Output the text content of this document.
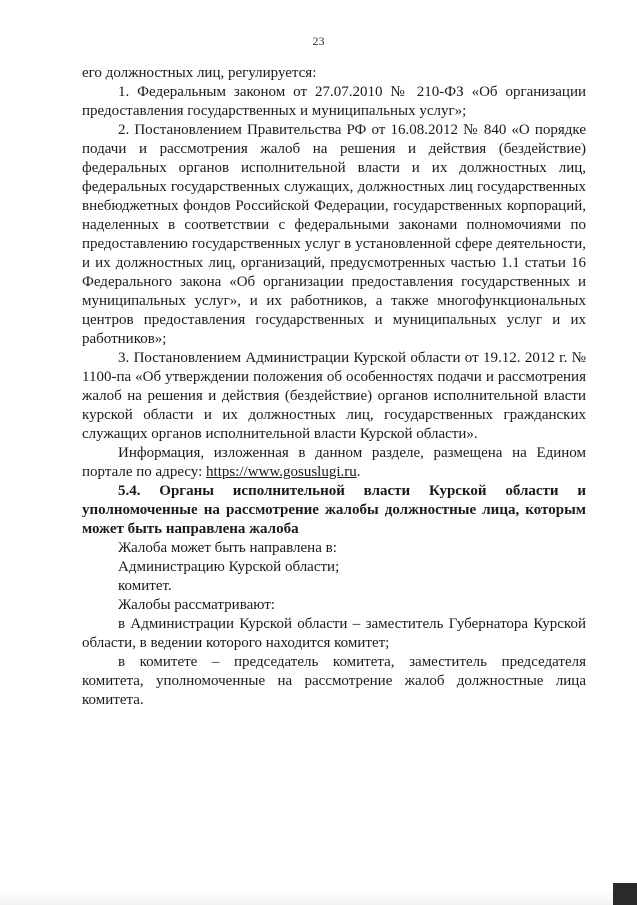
23

его должностных лиц, регулируется:

1. Федеральным законом от 27.07.2010 № 210-ФЗ «Об организации предоставления государственных и муниципальных услуг»;

2. Постановлением Правительства РФ от 16.08.2012 № 840 «О порядке подачи и рассмотрения жалоб на решения и действия (бездействие) федеральных органов исполнительной власти и их должностных лиц, федеральных государственных служащих, должностных лиц государственных внебюджетных фондов Российской Федерации, государственных корпораций, наделенных в соответствии с федеральными законами полномочиями по предоставлению государственных услуг в установленной сфере деятельности, и их должностных лиц, организаций, предусмотренных частью 1.1 статьи 16 Федерального закона «Об организации предоставления государственных и муниципальных услуг», и их работников, а также многофункциональных центров предоставления государственных и муниципальных услуг и их работников»;

3. Постановлением Администрации Курской области от 19.12. 2012 г. № 1100-па «Об утверждении положения об особенностях подачи и рассмотрения жалоб на решения и действия (бездействие) органов исполнительной власти курской области и их должностных лиц, государственных гражданских служащих органов исполнительной власти Курской области».

Информация, изложенная в данном разделе, размещена на Едином портале по адресу: https://www.gosuslugi.ru.

5.4. Органы исполнительной власти Курской области и уполномоченные на рассмотрение жалобы должностные лица, которым может быть направлена жалоба

Жалоба может быть направлена в:

Администрацию Курской области;

комитет.

Жалобы рассматривают:

в Администрации Курской области – заместитель Губернатора Курской области, в ведении которого находится комитет;

в комитете – председатель комитета, заместитель председателя комитета, уполномоченные на рассмотрение жалоб должностные лица комитета.
